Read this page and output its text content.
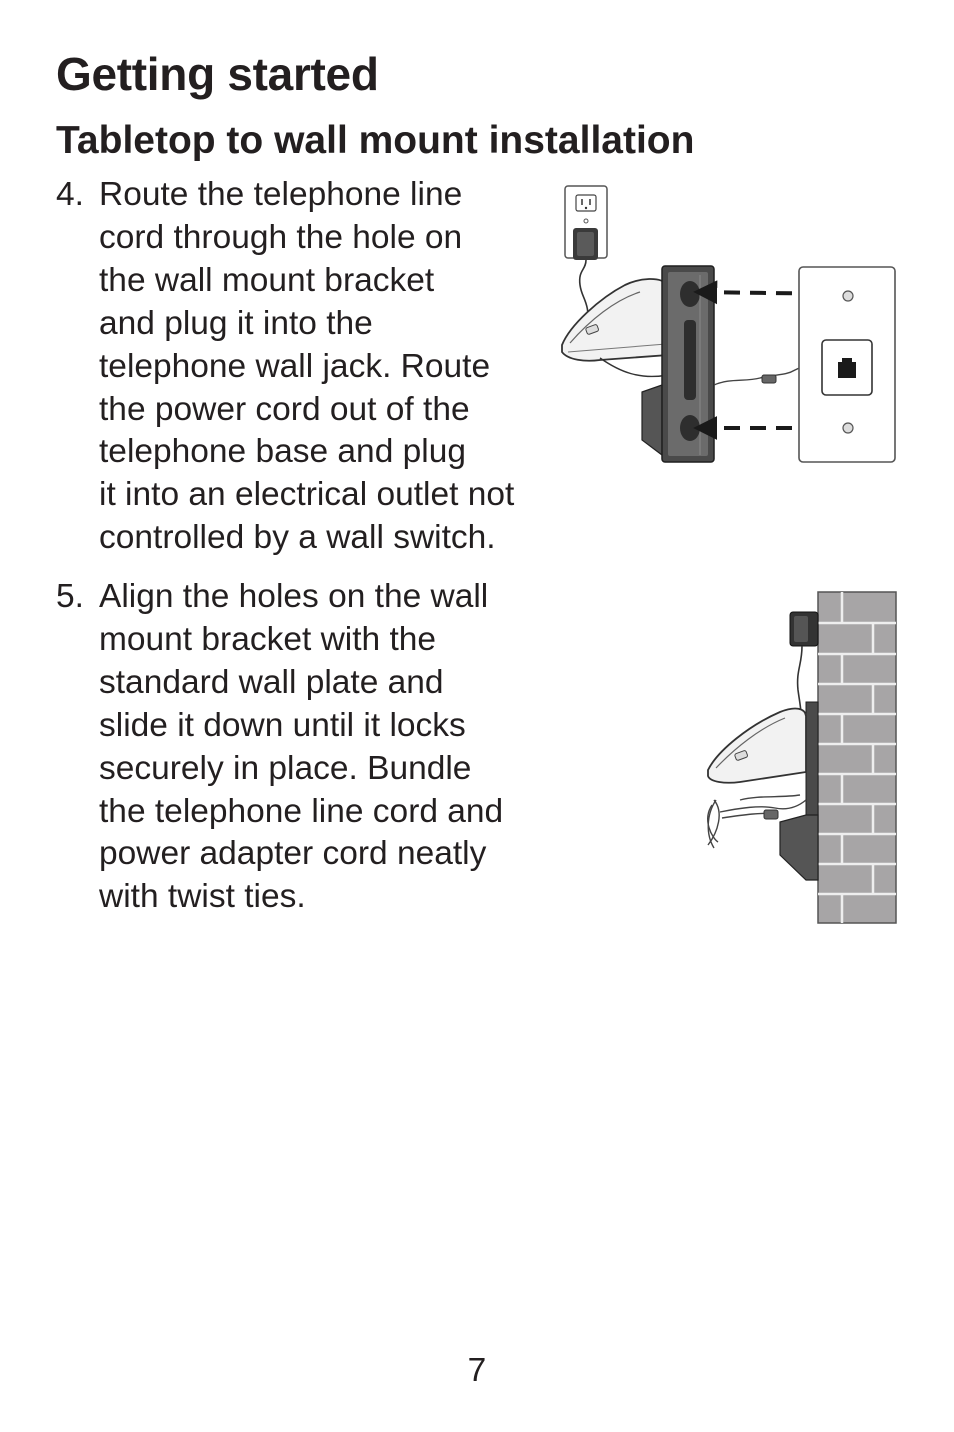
Getting started
Tabletop to wall mount installation
4. Route the telephone line
cord through the hole on
the wall mount bracket
and plug it into the
telephone wall jack. Route
the power cord out of the
telephone base and plug
it into an electrical outlet not
controlled by a wall switch.
5. Align the holes on the wall
mount bracket with the
standard wall plate and
slide it down until it locks
securely in place. Bundle
the telephone line cord and
power adapter cord neatly
with twist ties.
7
